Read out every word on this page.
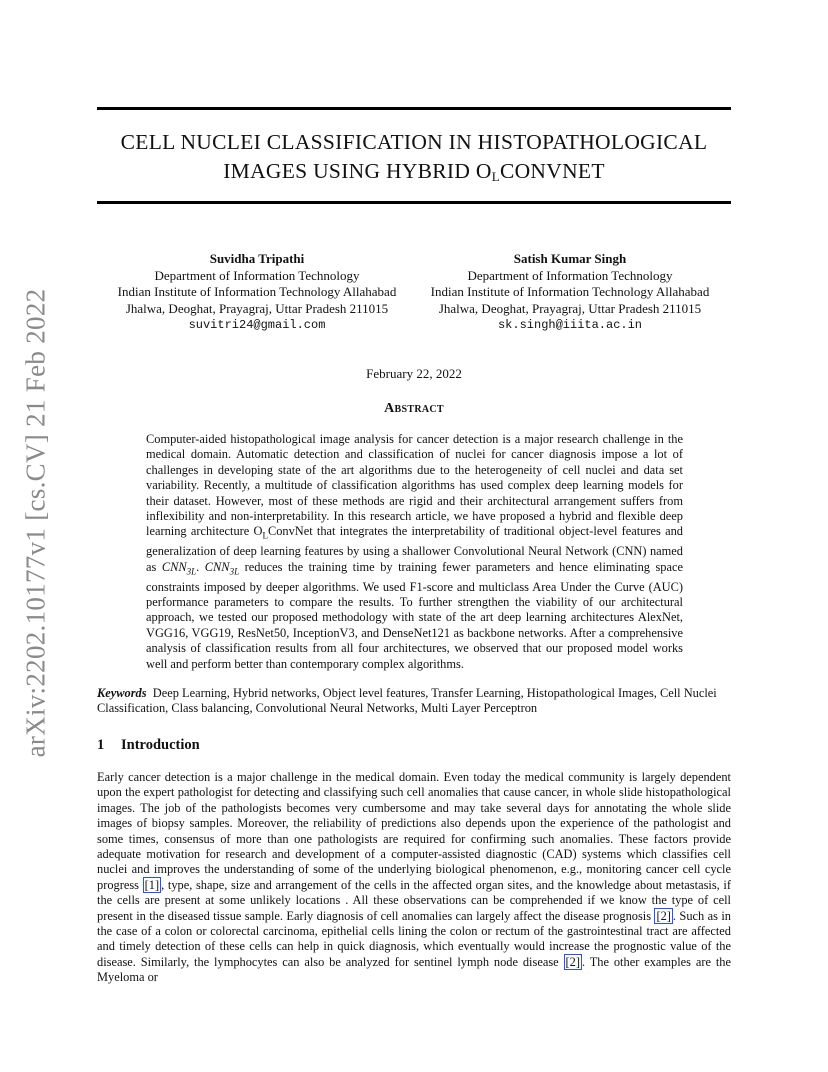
arXiv:2202.10177v1 [cs.CV] 21 Feb 2022
CELL NUCLEI CLASSIFICATION IN HISTOPATHOLOGICAL
IMAGES USING HYBRID $O_LCONVNET$
Suvidha Tripathi
Department of Information Technology
Indian Institute of Information Technology Allahabad
Jhalwa, Deoghat, Prayagraj, Uttar Pradesh 211015
suvitri24@gmail.com
Satish Kumar Singh
Department of Information Technology
Indian Institute of Information Technology Allahabad
Jhalwa, Deoghat, Prayagraj, Uttar Pradesh 211015
sk.singh@iiita.ac.in
February 22, 2022
Abstract
Computer-aided histopathological image analysis for cancer detection is a major research challenge in the medical domain. Automatic detection and classification of nuclei for cancer diagnosis impose a lot of challenges in developing state of the art algorithms due to the heterogeneity of cell nuclei and data set variability. Recently, a multitude of classification algorithms has used complex deep learning models for their dataset. However, most of these methods are rigid and their architectural arrangement suffers from inflexibility and non-interpretability. In this research article, we have proposed a hybrid and flexible deep learning architecture $O_LConvNet$ that integrates the interpretability of traditional object-level features and generalization of deep learning features by using a shallower Convolutional Neural Network (CNN) named as $CNN_{3L}$. $CNN_{3L}$ reduces the training time by training fewer parameters and hence eliminating space constraints imposed by deeper algorithms. We used F1-score and multiclass Area Under the Curve (AUC) performance parameters to compare the results. To further strengthen the viability of our architectural approach, we tested our proposed methodology with state of the art deep learning architectures AlexNet, VGG16, VGG19, ResNet50, InceptionV3, and DenseNet121 as backbone networks. After a comprehensive analysis of classification results from all four architectures, we observed that our proposed model works well and perform better than contemporary complex algorithms.
Keywords Deep Learning, Hybrid networks, Object level features, Transfer Learning, Histopathological Images, Cell Nuclei Classification, Class balancing, Convolutional Neural Networks, Multi Layer Perceptron
1 Introduction
Early cancer detection is a major challenge in the medical domain. Even today the medical community is largely dependent upon the expert pathologist for detecting and classifying such cell anomalies that cause cancer, in whole slide histopathological images. The job of the pathologists becomes very cumbersome and may take several days for annotating the whole slide images of biopsy samples. Moreover, the reliability of predictions also depends upon the experience of the pathologist and some times, consensus of more than one pathologists are required for confirming such anomalies. These factors provide adequate motivation for research and development of a computer-assisted diagnostic (CAD) systems which classifies cell nuclei and improves the understanding of some of the underlying biological phenomenon, e.g., monitoring cancer cell cycle progress [1] , type, shape, size and arrangement of the cells in the affected organ sites, and the knowledge about metastasis, if the cells are present at some unlikely locations . All these observations can be comprehended if we know the type of cell present in the diseased tissue sample. Early diagnosis of cell anomalies can largely affect the disease prognosis [2] . Such as in the case of a colon or colorectal carcinoma, epithelial cells lining the colon or rectum of the gastrointestinal tract are affected and timely detection of these cells can help in quick diagnosis, which eventually would increase the prognostic value of the disease. Similarly, the lymphocytes can also be analyzed for sentinel lymph node disease [2] . The other examples are the Myeloma or
